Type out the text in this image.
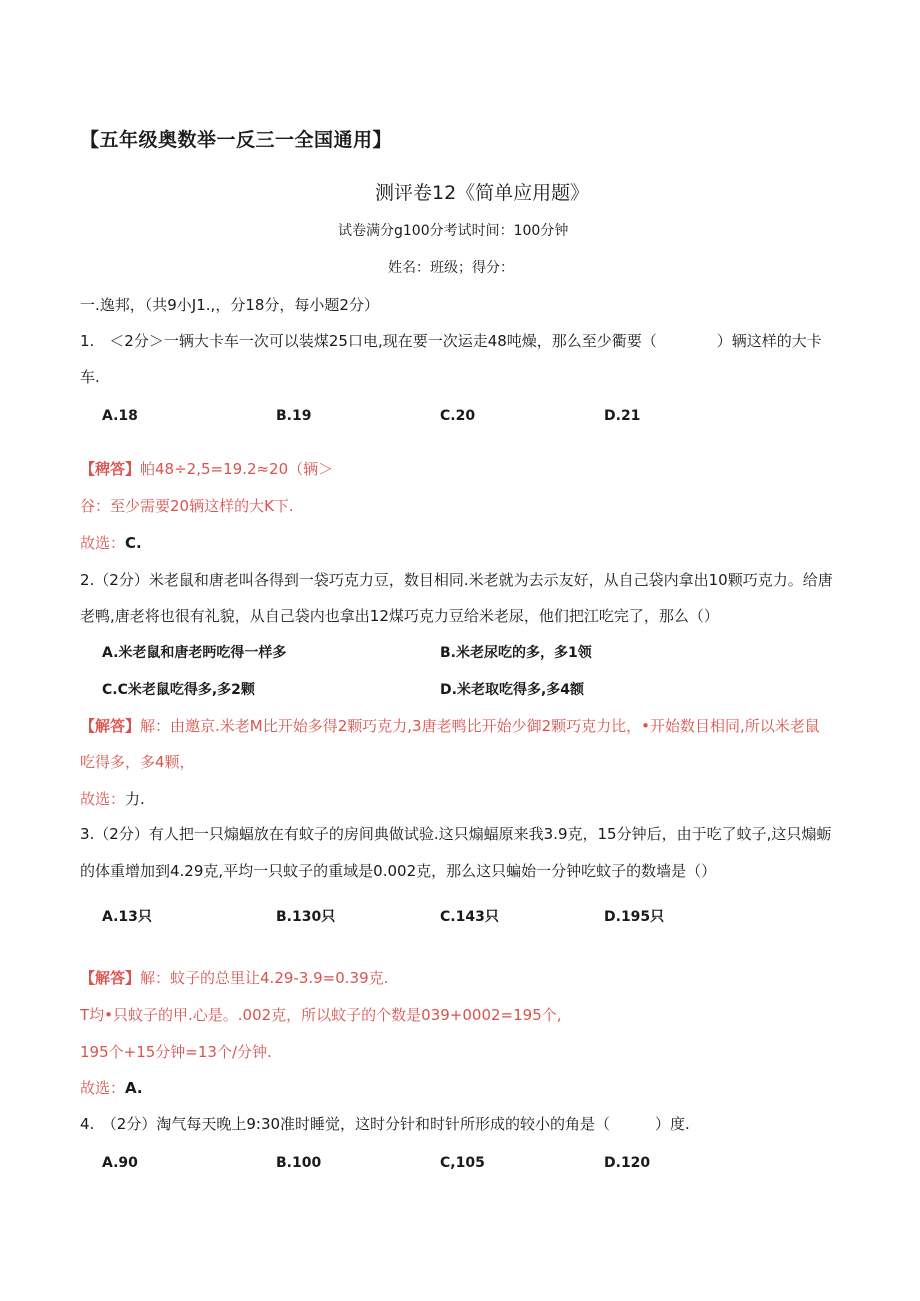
【五年级奥数举一反三一全国通用】
测评卷12《简单应用题》
试卷满分g100分考试时间：100分钟
姓名：班级；得分：
一.逸邦，（共9小J1.,，分18分，每小题2分）
1.　＜2分＞一辆大卡车一次可以装煤25口电,现在要一次运走48吨燥，那么至少衢要（　　　　）辆这样的大卡
车.
A.18	B.19	C.20	D.21
【稗答】帕48÷2,5=19.2≈20（辆＞
谷：至少需要20辆这样的大K下.
故选：C.
2.（2分）米老鼠和唐老叫各得到一袋巧克力豆，数目相同.米老就为去示友好，从自己袋内拿出10颗巧克力。给唐
老鸭,唐老将也很有礼貌，从自己袋内也拿出12煤巧克力豆给米老尿，他们把江吃完了，那么（）
A.米老鼠和唐老眄吃得一样多	B.米老尿吃的多，多1领
C.C米老鼠吃得多,多2颗	D.米老取吃得多,多4额
【解答】解：由邀京.米老M比开始多得2颗巧克力,3唐老鸭比开始少御2颗巧克力比，•开始数目相同,所以米老鼠
吃得多，多4颗，
故选：力.
3.（2分）有人把一只煽蝠放在有蚊子的房间典做试验.这只煽蝠原来我3.9克，15分钟后，由于吃了蚊子,这只煽蛎
的体重增加到4.29克,平均一只蚊子的重域是0.002克，那么这只蝙始一分钟吃蚊子的数墙是（）
A.13只	B.130只	C.143只	D.195只
【解答】解：蚊子的总里让4.29-3.9=0.39克.
T均•只蚊子的甲.心是。.002克，所以蚊子的个数是039+0002=195个,
195个+15分钟=13个/分钟.
故选：A.
4.　（2分）淘气每天晚上9:30准时睡觉，这时分针和时针所形成的较小的角是（　　　）度.
A.90	B.100	C,105	D.120
